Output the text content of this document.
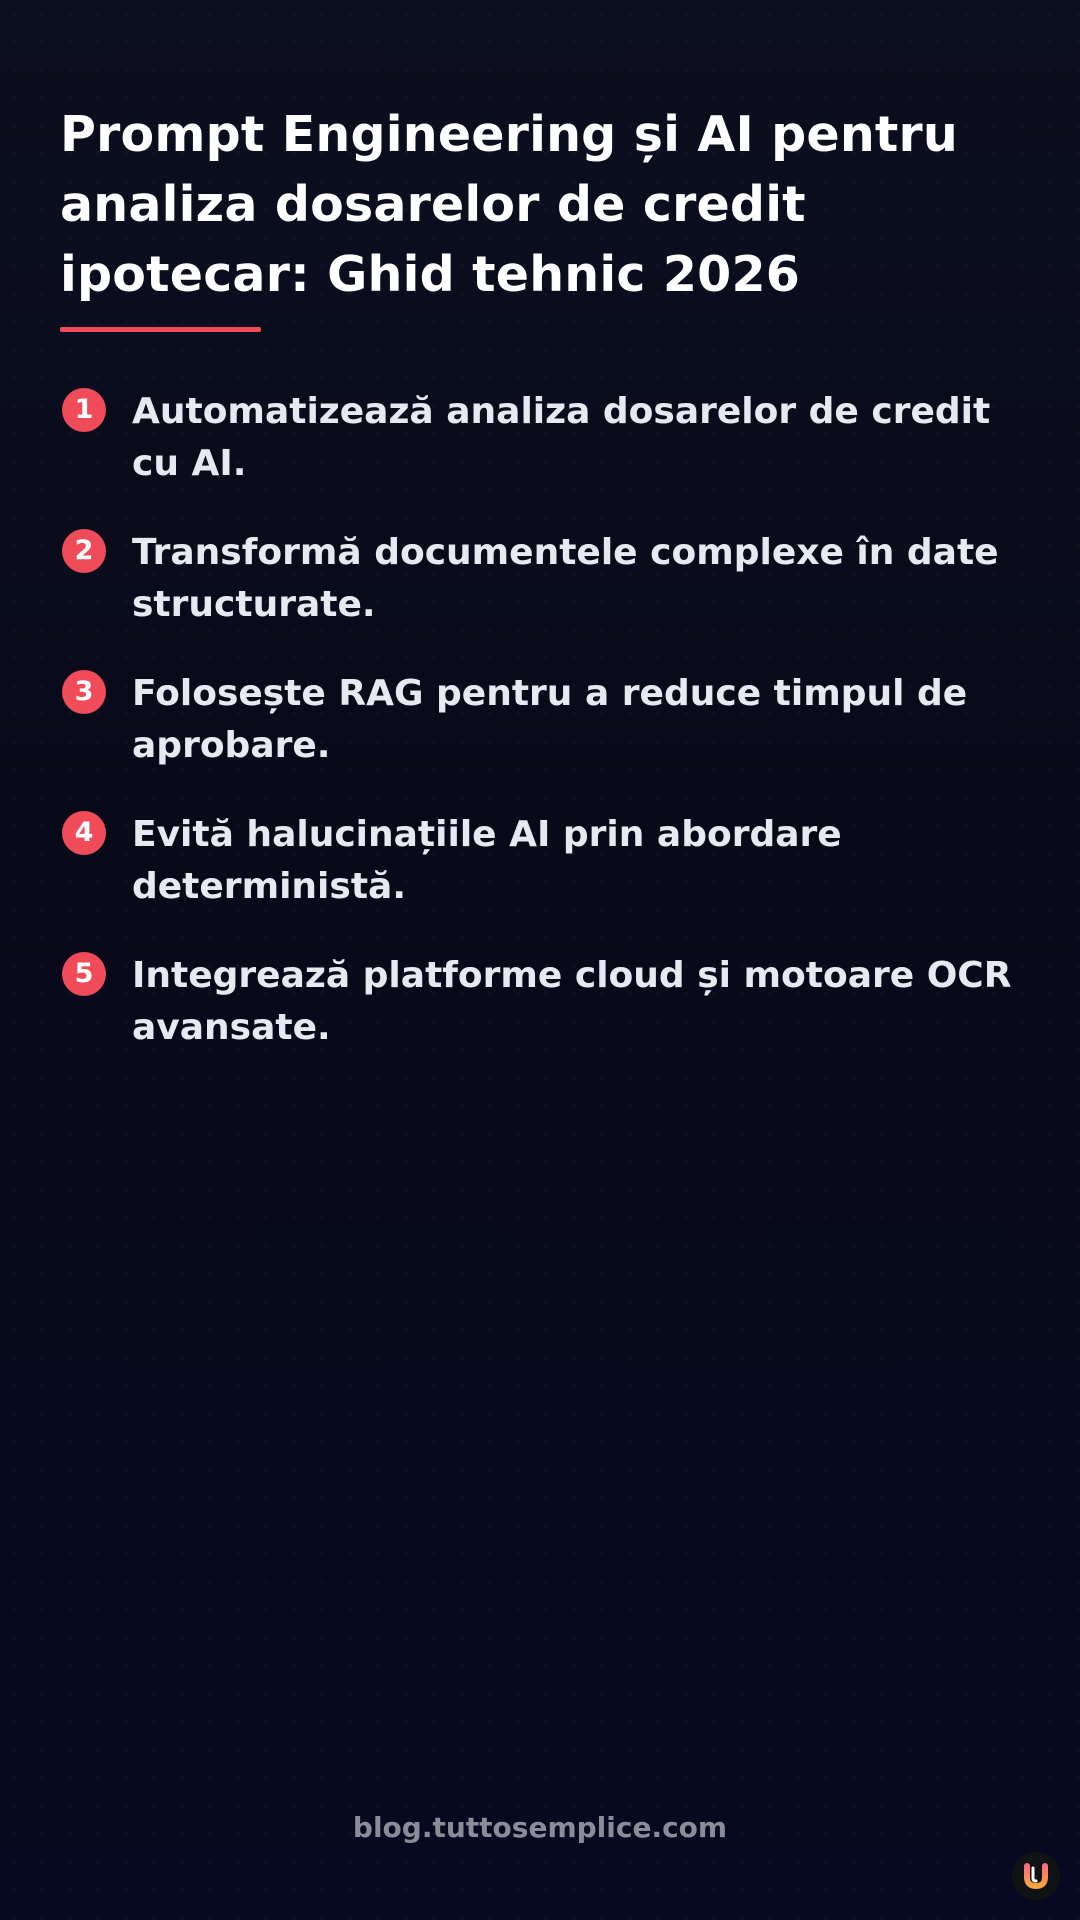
Prompt Engineering și AI pentru analiza dosarelor de credit ipotecar: Ghid tehnic 2026
1	Automatizează analiza dosarelor de credit cu AI.
2	Transformă documentele complexe în date structurate.
3	Folosește RAG pentru a reduce timpul de aprobare.
4	Evită halucinațiile AI prin abordare deterministă.
5	Integrează platforme cloud și motoare OCR avansate.
blog.tuttosemplice.com
